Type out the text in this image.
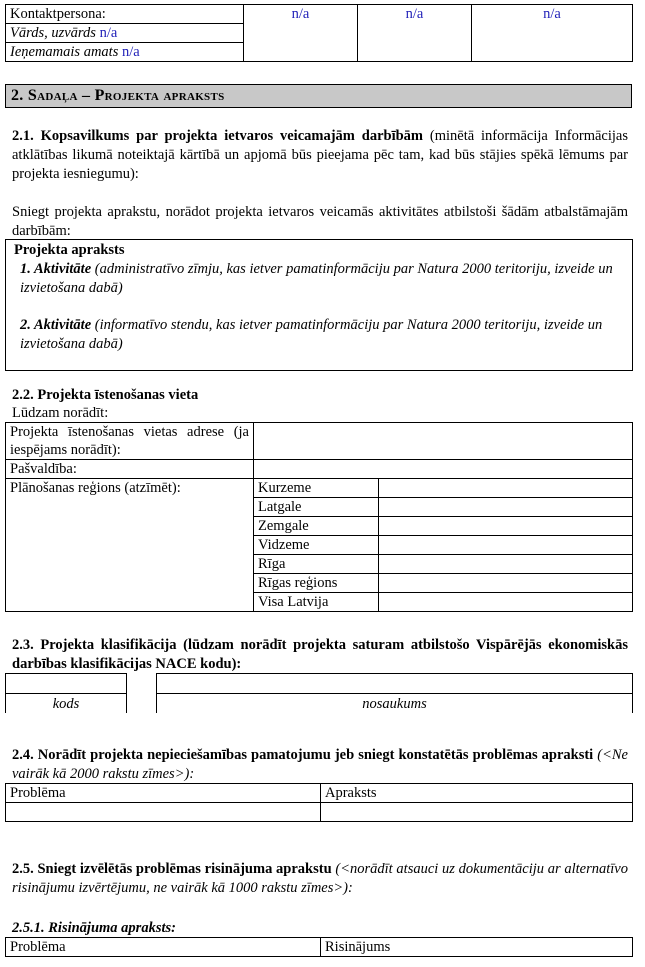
Kontaktpersona:	n/a	n/a	n/a
Vārds, uzvārds n/a
Ieņemamais amats n/a
2. Sadaļa – Projekta apraksts
2.1. Kopsavilkums par projekta ietvaros veicamajām darbībām (minētā informācija Informācijas atklātības likumā noteiktajā kārtībā un apjomā būs pieejama pēc tam, kad būs stājies spēkā lēmums par projekta iesniegumu):
Sniegt projekta aprakstu, norādot projekta ietvaros veicamās aktivitātes atbilstoši šādām atbalstāmajām darbībām:
Projekta apraksts
1. Aktivitāte (administratīvo zīmju, kas ietver pamatinformāciju par Natura 2000 teritoriju, izveide un izvietošana dabā)
2. Aktivitāte (informatīvo stendu, kas ietver pamatinformāciju par Natura 2000 teritoriju, izveide un izvietošana dabā)
2.2. Projekta īstenošanas vieta
Lūdzam norādīt:
Projekta īstenošanas vietas adrese (ja iespējams norādīt):		
Pašvaldība:		
Plānošanas reģions (atzīmēt):	Kurzeme	
	Latgale	
	Zemgale	
	Vidzeme	
	Rīga	
	Rīgas reģions	
	Visa Latvija	
2.3. Projekta klasifikācija (lūdzam norādīt projekta saturam atbilstošo Vispārējās ekonomiskās darbības klasifikācijas NACE kodu):
kods	nosaukums
2.4. Norādīt projekta nepieciešamības pamatojumu jeb sniegt konstatētās problēmas apraksti (<Ne vairāk kā 2000 rakstu zīmes>):
Problēma	Apraksts

2.5. Sniegt izvēlētās problēmas risinājuma aprakstu (<norādīt atsauci uz dokumentāciju ar alternatīvo risinājumu izvērtējumu, ne vairāk kā 1000 rakstu zīmes>):
2.5.1. Risinājuma apraksts:
Problēma	Risinājums
